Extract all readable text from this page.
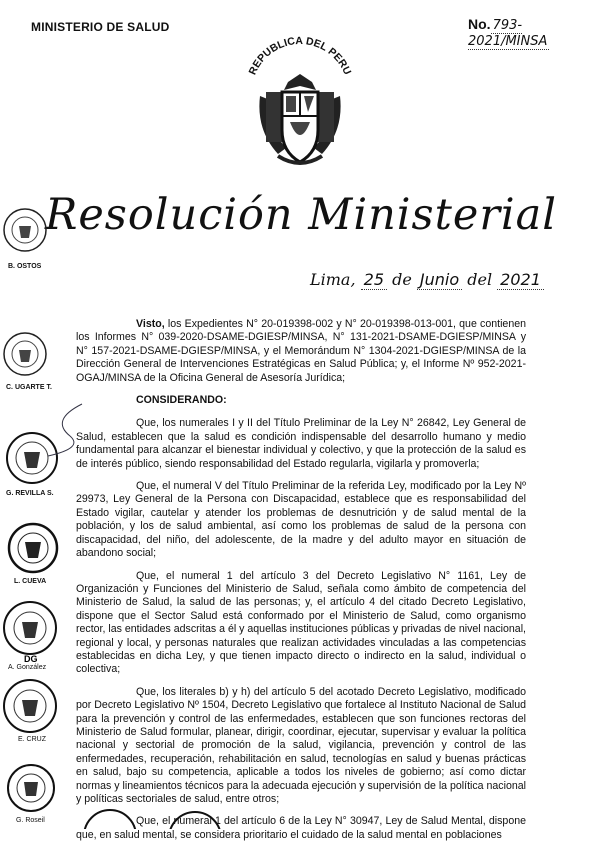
MINISTERIO DE SALUD	No. 793-2021/MINSA
REPUBLICA DEL PERU
Resolución Ministerial
Lima, 25 de Junio del 2021

Visto, los Expedientes N° 20-019398-002 y N° 20-019398-013-001, que contienen los Informes N° 039-2020-DSAME-DGIESP/MINSA, N° 131-2021-DSAME-DGIESP/MINSA y N° 157-2021-DSAME-DGIESP/MINSA, y el Memorándum N° 1304-2021-DGIESP/MINSA de la Dirección General de Intervenciones Estratégicas en Salud Pública; y, el Informe Nº 952-2021-OGAJ/MINSA de la Oficina General de Asesoría Jurídica;

CONSIDERANDO:

Que, los numerales I y II del Título Preliminar de la Ley N° 26842, Ley General de Salud, establecen que la salud es condición indispensable del desarrollo humano y medio fundamental para alcanzar el bienestar individual y colectivo, y que la protección de la salud es de interés público, siendo responsabilidad del Estado regularla, vigilarla y promoverla;

Que, el numeral V del Título Preliminar de la referida Ley, modificado por la Ley Nº 29973, Ley General de la Persona con Discapacidad, establece que es responsabilidad del Estado vigilar, cautelar y atender los problemas de desnutrición y de salud mental de la población, y los de salud ambiental, así como los problemas de salud de la persona con discapacidad, del niño, del adolescente, de la madre y del adulto mayor en situación de abandono social;

Que, el numeral 1 del artículo 3 del Decreto Legislativo N° 1161, Ley de Organización y Funciones del Ministerio de Salud, señala como ámbito de competencia del Ministerio de Salud, la salud de las personas; y, el artículo 4 del citado Decreto Legislativo, dispone que el Sector Salud está conformado por el Ministerio de Salud, como organismo rector, las entidades adscritas a él y aquellas instituciones públicas y privadas de nivel nacional, regional y local, y personas naturales que realizan actividades vinculadas a las competencias establecidas en dicha Ley, y que tienen impacto directo o indirecto en la salud, individual o colectiva;

Que, los literales b) y h) del artículo 5 del acotado Decreto Legislativo, modificado por Decreto Legislativo Nº 1504, Decreto Legislativo que fortalece al Instituto Nacional de Salud para la prevención y control de las enfermedades, establecen que son funciones rectoras del Ministerio de Salud formular, planear, dirigir, coordinar, ejecutar, supervisar y evaluar la política nacional y sectorial de promoción de la salud, vigilancia, prevención y control de las enfermedades, recuperación, rehabilitación en salud, tecnologías en salud y buenas prácticas en salud, bajo su competencia, aplicable a todos los niveles de gobierno; así como dictar normas y lineamientos técnicos para la adecuada ejecución y supervisión de la política nacional y políticas sectoriales de salud, entre otros;

Que, el numeral 1 del artículo 6 de la Ley N° 30947, Ley de Salud Mental, dispone que, en salud mental, se considera prioritario el cuidado de la salud mental en poblaciones

B. OSTOS
C. UGARTE T.
G. REVILLA S.
L. CUEVA
DG
A. González
E. CRUZ
G. Roseil
